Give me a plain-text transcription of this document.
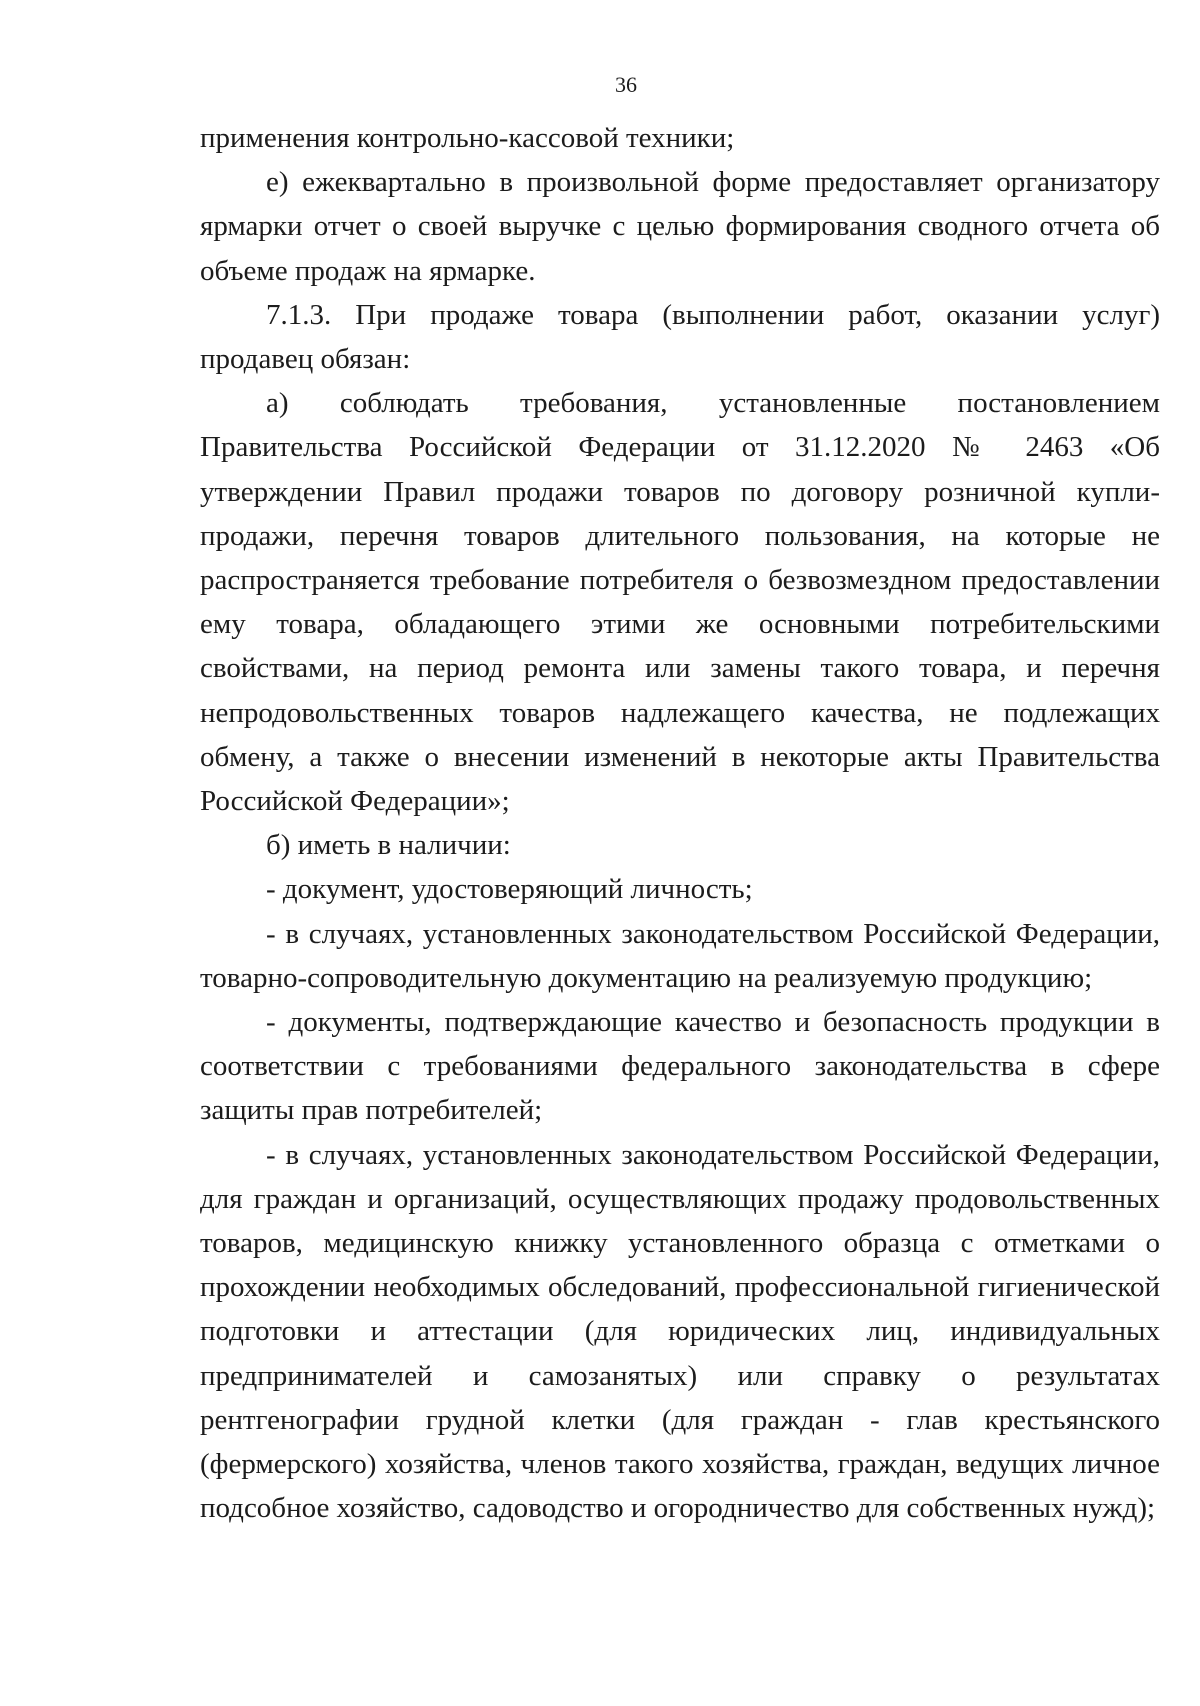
36

применения контрольно-кассовой техники;

е) ежеквартально в произвольной форме предоставляет организатору ярмарки отчет о своей выручке с целью формирования сводного отчета об объеме продаж на ярмарке.

7.1.3. При продаже товара (выполнении работ, оказании услуг) продавец обязан:

а) соблюдать требования, установленные постановлением Правительства Российской Федерации от 31.12.2020 № 2463 «Об утверждении Правил продажи товаров по договору розничной купли-продажи, перечня товаров длительного пользования, на которые не распространяется требование потребителя о безвозмездном предоставлении ему товара, обладающего этими же основными потребительскими свойствами, на период ремонта или замены такого товара, и перечня непродовольственных товаров надлежащего качества, не подлежащих обмену, а также о внесении изменений в некоторые акты Правительства Российской Федерации»;

б) иметь в наличии:

- документ, удостоверяющий личность;

- в случаях, установленных законодательством Российской Федерации, товарно-сопроводительную документацию на реализуемую продукцию;

- документы, подтверждающие качество и безопасность продукции в соответствии с требованиями федерального законодательства в сфере защиты прав потребителей;

- в случаях, установленных законодательством Российской Федерации, для граждан и организаций, осуществляющих продажу продовольственных товаров, медицинскую книжку установленного образца с отметками о прохождении необходимых обследований, профессиональной гигиенической подготовки и аттестации (для юридических лиц, индивидуальных предпринимателей и самозанятых) или справку о результатах рентгенографии грудной клетки (для граждан - глав крестьянского (фермерского) хозяйства, членов такого хозяйства, граждан, ведущих личное подсобное хозяйство, садоводство и огородничество для собственных нужд);
